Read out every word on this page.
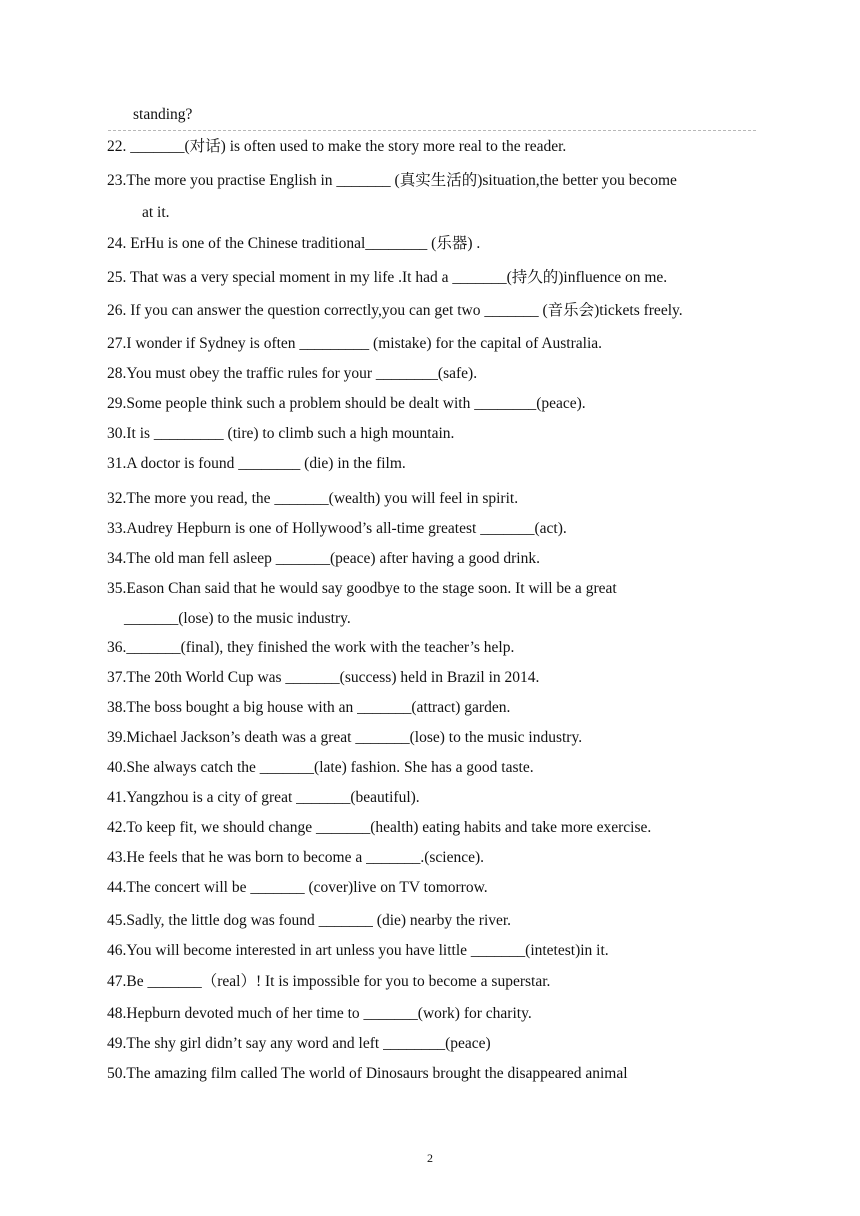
standing?
22. _______(对话) is often used to make the story more real to the reader.
23.The more you practise English in _______ (真实生活的)situation,the better you become
at it.
24. ErHu is one of the Chinese traditional________ (乐器) .
25. That was a very special moment in my life .It had a _______(持久的)influence on me.
26. If you can answer the question correctly,you can get two _______ (音乐会)tickets freely.
27.I wonder if Sydney is often _________ (mistake) for the capital of Australia.
28.You must obey the traffic rules for your ________(safe).
29.Some people think such a problem should be dealt with ________(peace).
30.It is _________ (tire) to climb such a high mountain.
31.A doctor is found ________ (die) in the film.
32.The more you read, the _______(wealth) you will feel in spirit.
33.Audrey Hepburn is one of Hollywood’s all-time greatest _______(act).
34.The old man fell asleep _______(peace) after having a good drink.
35.Eason Chan said that he would say goodbye to the stage soon. It will be a great
_______(lose) to the music industry.
36._______(final), they finished the work with the teacher’s help.
37.The 20th World Cup was _______(success) held in Brazil in 2014.
38.The boss bought a big house with an _______(attract) garden.
39.Michael Jackson’s death was a great _______(lose) to the music industry.
40.She always catch the _______(late) fashion. She has a good taste.
41.Yangzhou is a city of great _______(beautiful).
42.To keep fit, we should change _______(health) eating habits and take more exercise.
43.He feels that he was born to become a _______.(science).
44.The concert will be _______ (cover)live on TV tomorrow.
45.Sadly, the little dog was found _______ (die) nearby the river.
46.You will become interested in art unless you have little _______(intetest)in it.
47.Be _______（real）! It is impossible for you to become a superstar.
48.Hepburn devoted much of her time to _______(work) for charity.
49.The shy girl didn’t say any word and left ________(peace)
50.The amazing film called The world of Dinosaurs brought the disappeared animal
2
